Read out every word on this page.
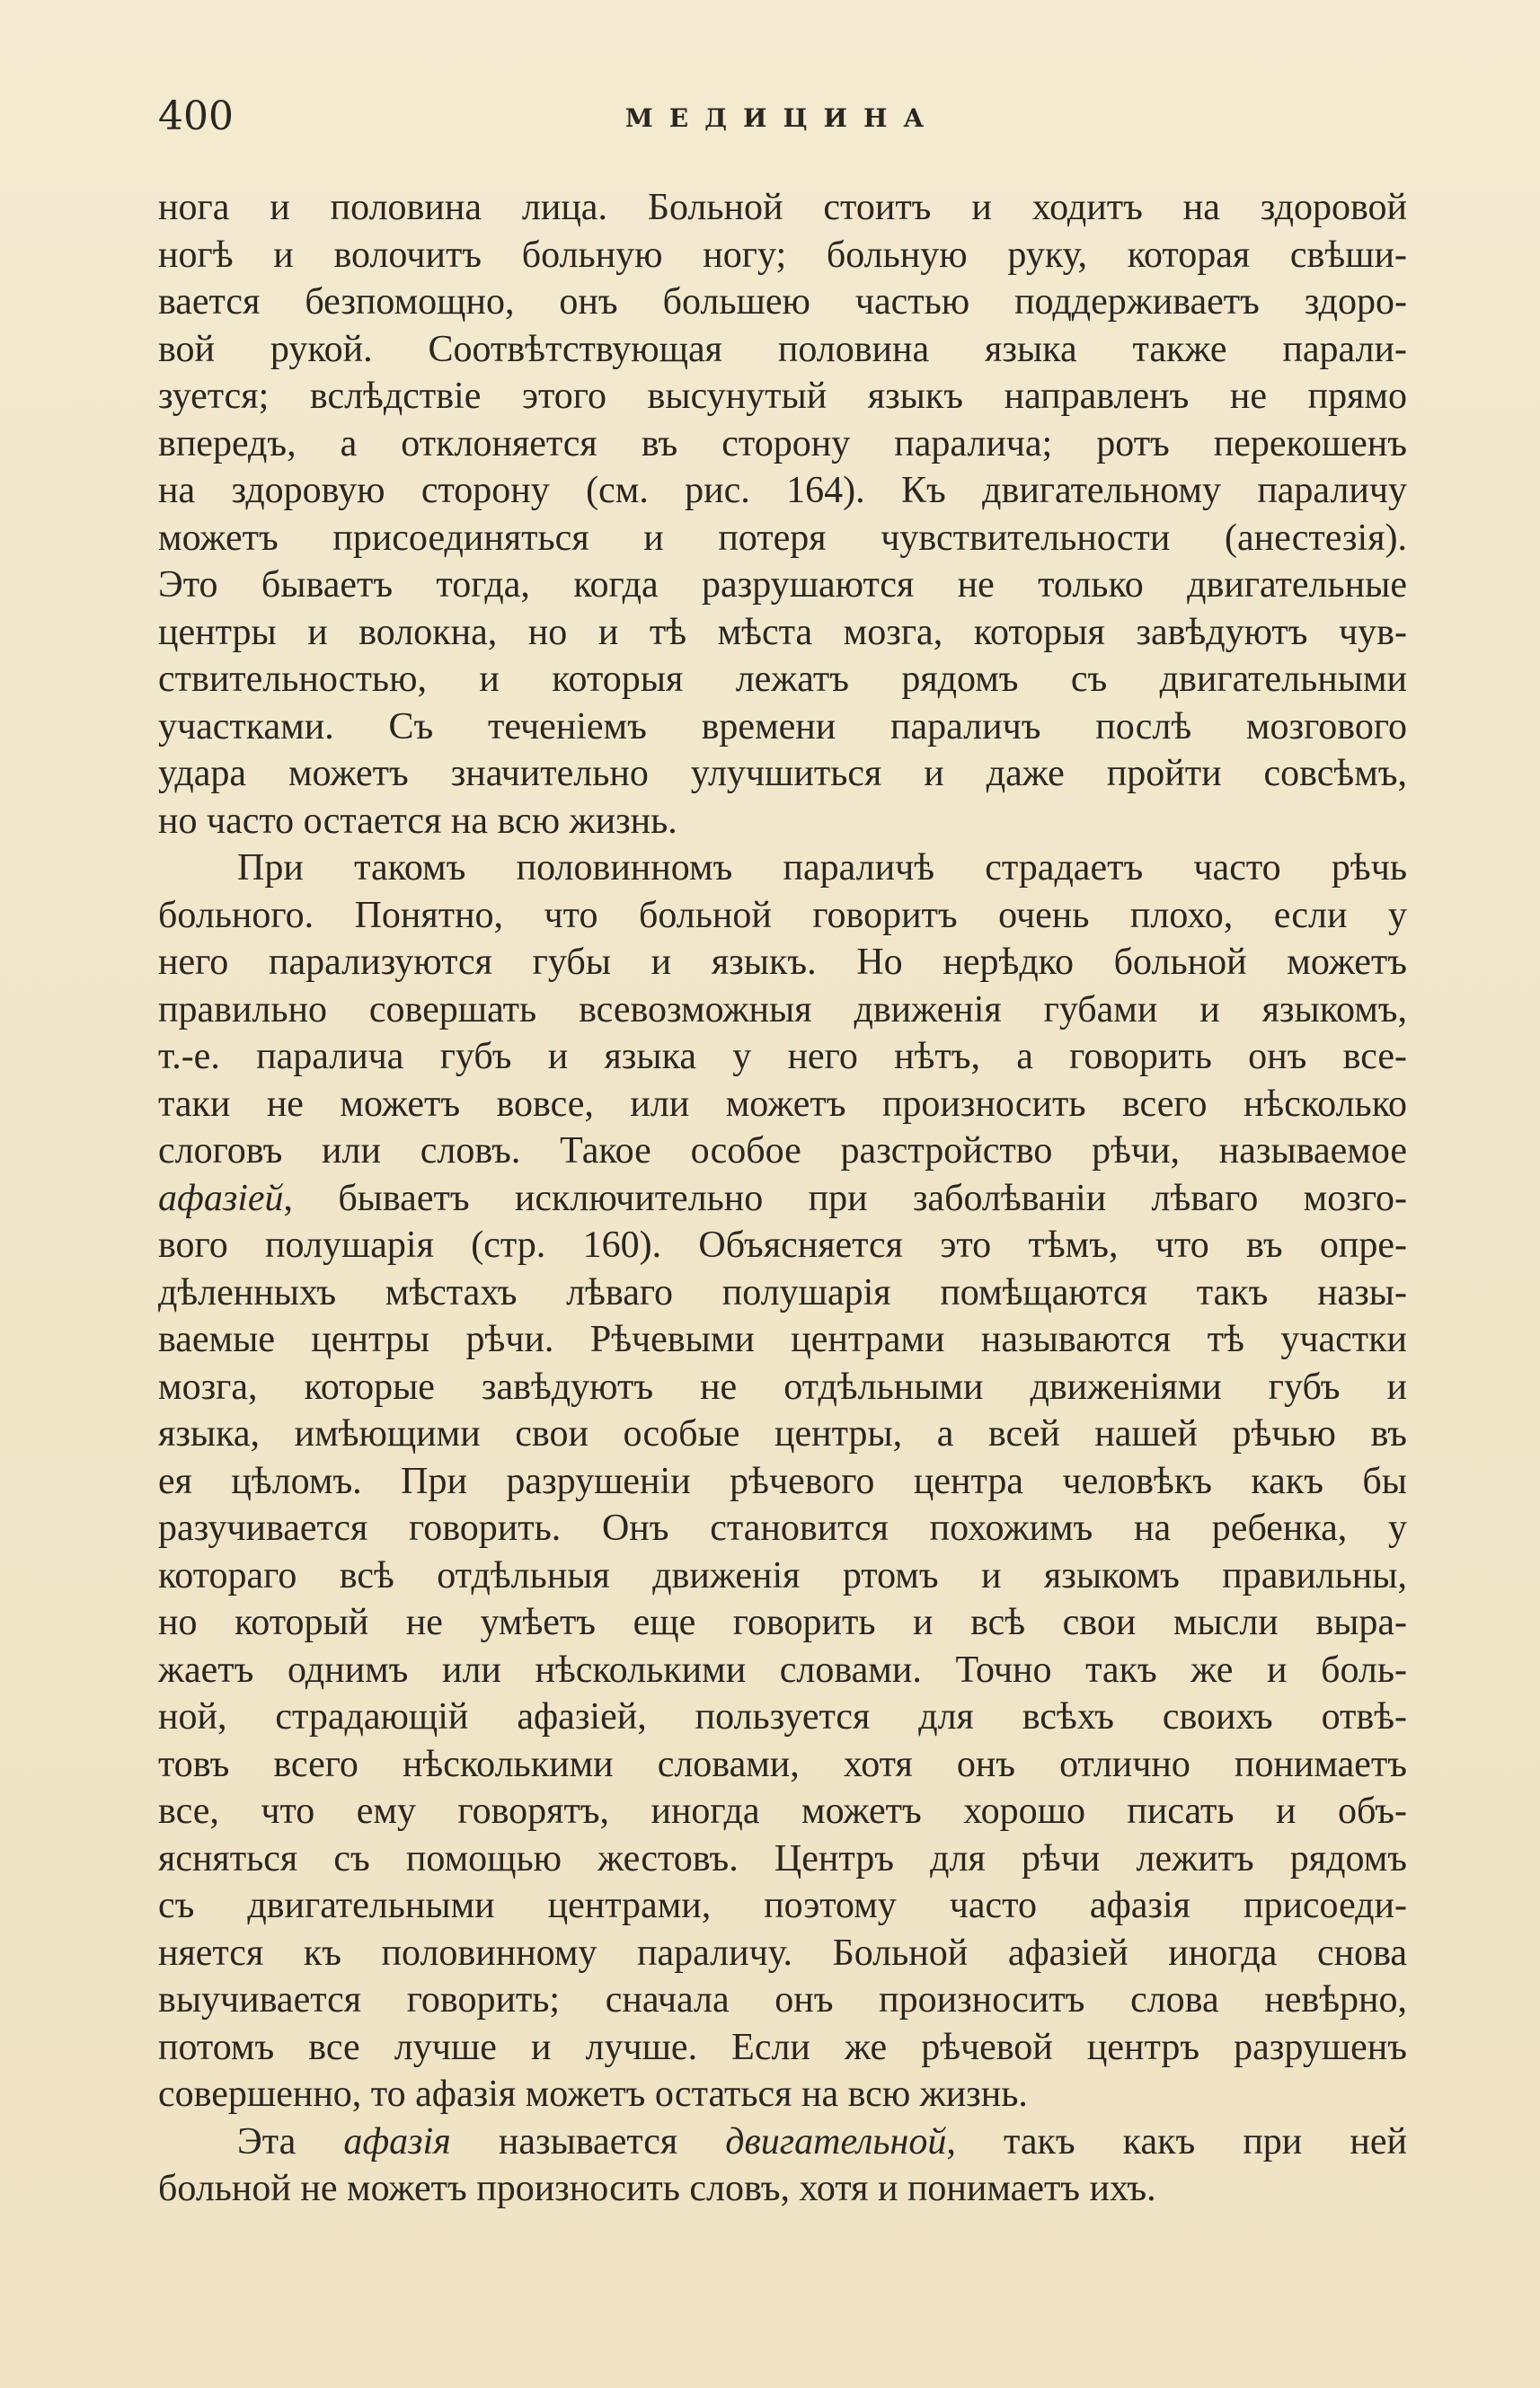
400	МЕДИЦИНА
нога и половина лица. Больной стоитъ и ходитъ на здоровой
ногѣ и волочитъ больную ногу; больную руку, которая свѣши-
вается безпомощно, онъ большею частью поддерживаетъ здоро-
вой рукой. Соотвѣтствующая половина языка также парали-
зуется; вслѣдствіе этого высунутый языкъ направленъ не прямо
впередъ, а отклоняется въ сторону паралича; ротъ перекошенъ
на здоровую сторону (см. рис. 164). Къ двигательному параличу
можетъ присоединяться и потеря чувствительности (анестезія).
Это бываетъ тогда, когда разрушаются не только двигательные
центры и волокна, но и тѣ мѣста мозга, которыя завѣдуютъ чув-
ствительностью, и которыя лежатъ рядомъ съ двигательными
участками. Съ теченіемъ времени параличъ послѣ мозгового
удара можетъ значительно улучшиться и даже пройти совсѣмъ,
но часто остается на всю жизнь.
При такомъ половинномъ параличѣ страдаетъ часто рѣчь
больного. Понятно, что больной говоритъ очень плохо, если у
него парализуются губы и языкъ. Но нерѣдко больной можетъ
правильно совершать всевозможныя движенія губами и языкомъ,
т.-е. паралича губъ и языка у него нѣтъ, а говорить онъ все-
таки не можетъ вовсе, или можетъ произносить всего нѣсколько
слоговъ или словъ. Такое особое разстройство рѣчи, называемое
афазіей, бываетъ исключительно при заболѣваніи лѣваго мозго-
вого полушарія (стр. 160). Объясняется это тѣмъ, что въ опре-
дѣленныхъ мѣстахъ лѣваго полушарія помѣщаются такъ назы-
ваемые центры рѣчи. Рѣчевыми центрами называются тѣ участки
мозга, которые завѣдуютъ не отдѣльными движеніями губъ и
языка, имѣющими свои особые центры, а всей нашей рѣчью въ
ея цѣломъ. При разрушеніи рѣчевого центра человѣкъ какъ бы
разучивается говорить. Онъ становится похожимъ на ребенка, у
котораго всѣ отдѣльныя движенія ртомъ и языкомъ правильны,
но который не умѣетъ еще говорить и всѣ свои мысли выра-
жаетъ однимъ или нѣсколькими словами. Точно такъ же и боль-
ной, страдающій афазіей, пользуется для всѣхъ своихъ отвѣ-
товъ всего нѣсколькими словами, хотя онъ отлично понимаетъ
все, что ему говорятъ, иногда можетъ хорошо писать и объ-
ясняться съ помощью жестовъ. Центръ для рѣчи лежитъ рядомъ
съ двигательными центрами, поэтому часто афазія присоеди-
няется къ половинному параличу. Больной афазіей иногда снова
выучивается говорить; сначала онъ произноситъ слова невѣрно,
потомъ все лучше и лучше. Если же рѣчевой центръ разрушенъ
совершенно, то афазія можетъ остаться на всю жизнь.
Эта афазія называется двигательной, такъ какъ при ней
больной не можетъ произносить словъ, хотя и понимаетъ ихъ.
